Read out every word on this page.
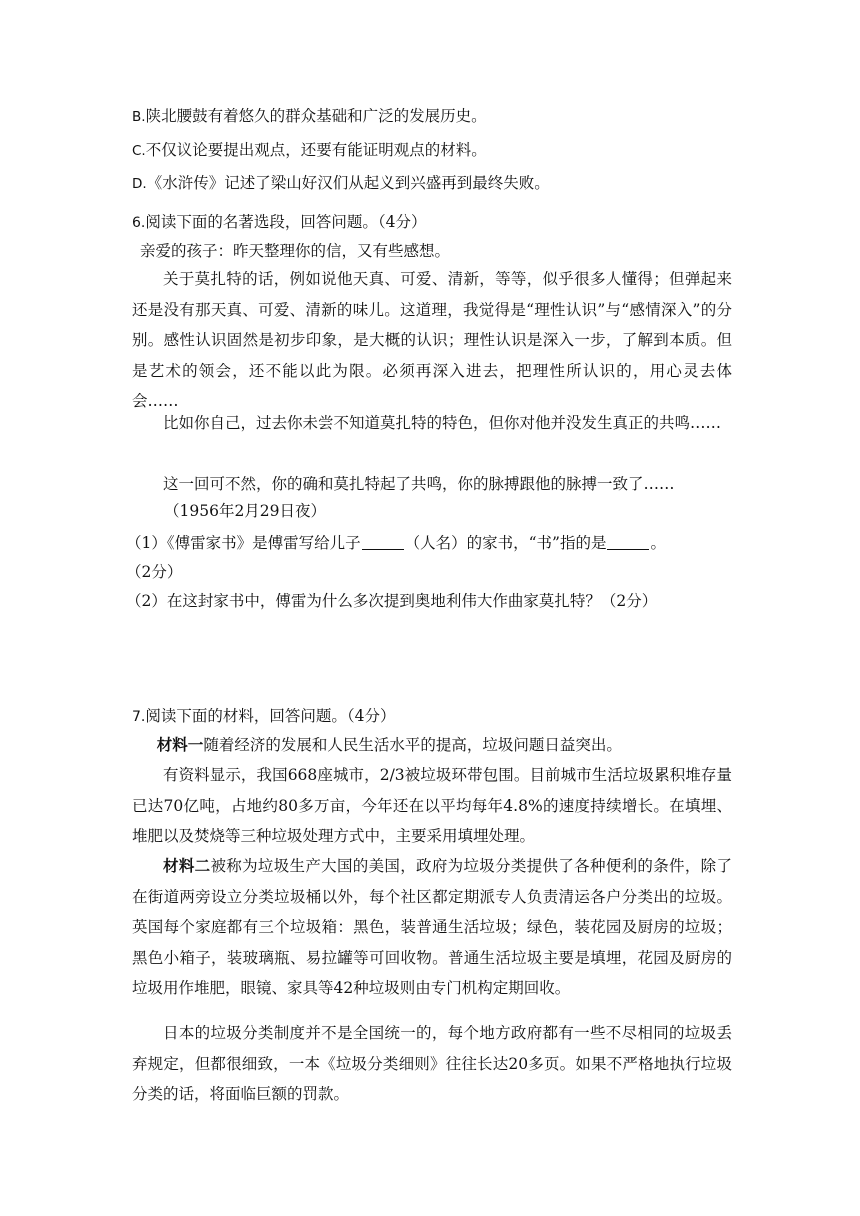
B.陕北腰鼓有着悠久的群众基础和广泛的发展历史。
C.不仅议论要提出观点，还要有能证明观点的材料。
D.《水浒传》记述了梁山好汉们从起义到兴盛再到最终失败。
6.阅读下面的名著选段，回答问题。（4分）
亲爱的孩子：昨天整理你的信，又有些感想。
关于莫扎特的话，例如说他天真、可爱、清新，等等，似乎很多人懂得；但弹起来还是没有那天真、可爱、清新的味儿。这道理，我觉得是“理性认识”与“感情深入”的分别。感性认识固然是初步印象，是大概的认识；理性认识是深入一步，了解到本质。但是艺术的领会，还不能以此为限。必须再深入进去，把理性所认识的，用心灵去体会……
比如你自己，过去你未尝不知道莫扎特的特色，但你对他并没发生真正的共鸣……
这一回可不然，你的确和莫扎特起了共鸣，你的脉搏跟他的脉搏一致了……
（1956年2月29日夜）
（1）《傅雷家书》是傅雷写给儿子	（人名）的家书，“书”指的是	。
（2分）
（2）在这封家书中，傅雷为什么多次提到奥地利伟大作曲家莫扎特？（2分）
7.阅读下面的材料，回答问题。（4分）
材料一随着经济的发展和人民生活水平的提高，垃圾问题日益突出。
有资料显示，我国668座城市，2/3被垃圾环带包围。目前城市生活垃圾累积堆存量已达70亿吨，占地约80多万亩，今年还在以平均每年4.8%的速度持续增长。在填埋、堆肥以及焚烧等三种垃圾处理方式中，主要采用填埋处理。
材料二被称为垃圾生产大国的美国，政府为垃圾分类提供了各种便利的条件，除了在街道两旁设立分类垃圾桶以外，每个社区都定期派专人负责清运各户分类出的垃圾。英国每个家庭都有三个垃圾箱：黑色，装普通生活垃圾；绿色，装花园及厨房的垃圾；黑色小箱子，装玻璃瓶、易拉罐等可回收物。普通生活垃圾主要是填埋，花园及厨房的垃圾用作堆肥，眼镜、家具等42种垃圾则由专门机构定期回收。
日本的垃圾分类制度并不是全国统一的，每个地方政府都有一些不尽相同的垃圾丢弃规定，但都很细致，一本《垃圾分类细则》往往长达20多页。如果不严格地执行垃圾分类的话，将面临巨额的罚款。
